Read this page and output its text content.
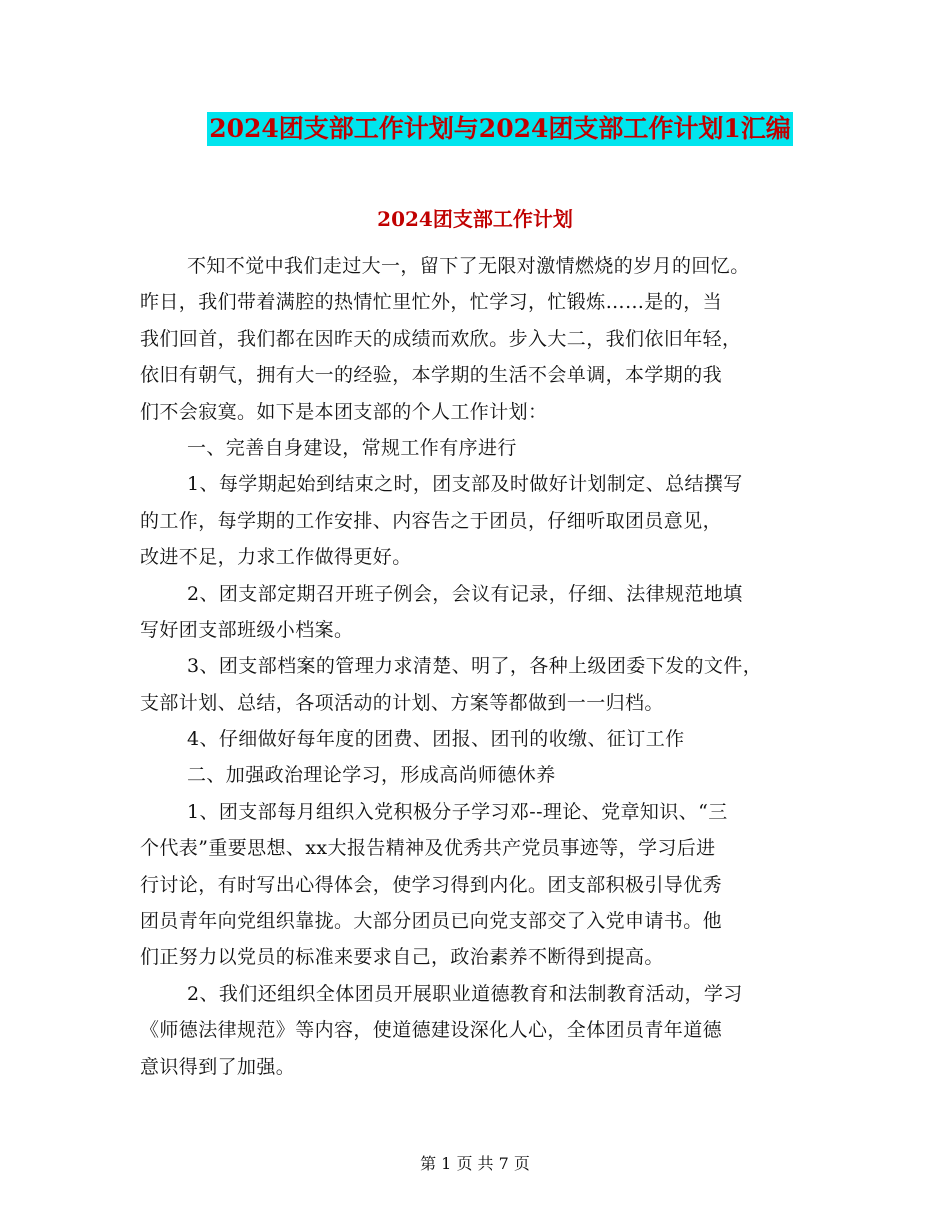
2024团支部工作计划与2024团支部工作计划1汇编
2024团支部工作计划
不知不觉中我们走过大一，留下了无限对激情燃烧的岁月的回忆。
昨日，我们带着满腔的热情忙里忙外，忙学习，忙锻炼……是的，当
我们回首，我们都在因昨天的成绩而欢欣。步入大二，我们依旧年轻，
依旧有朝气，拥有大一的经验，本学期的生活不会单调，本学期的我
们不会寂寞。如下是本团支部的个人工作计划：
一、完善自身建设，常规工作有序进行
1、每学期起始到结束之时，团支部及时做好计划制定、总结撰写
的工作，每学期的工作安排、内容告之于团员，仔细听取团员意见，
改进不足，力求工作做得更好。
2、团支部定期召开班子例会，会议有记录，仔细、法律规范地填
写好团支部班级小档案。
3、团支部档案的管理力求清楚、明了，各种上级团委下发的文件，
支部计划、总结，各项活动的计划、方案等都做到一一归档。
4、仔细做好每年度的团费、团报、团刊的收缴、征订工作
二、加强政治理论学习，形成高尚师德休养
1、团支部每月组织入党积极分子学习邓--理论、党章知识、“三
个代表”重要思想、xx大报告精神及优秀共产党员事迹等，学习后进
行讨论，有时写出心得体会，使学习得到内化。团支部积极引导优秀
团员青年向党组织靠拢。大部分团员已向党支部交了入党申请书。他
们正努力以党员的标准来要求自己，政治素养不断得到提高。
2、我们还组织全体团员开展职业道德教育和法制教育活动，学习
《师德法律规范》等内容，使道德建设深化人心，全体团员青年道德
意识得到了加强。
第 1 页 共 7 页
